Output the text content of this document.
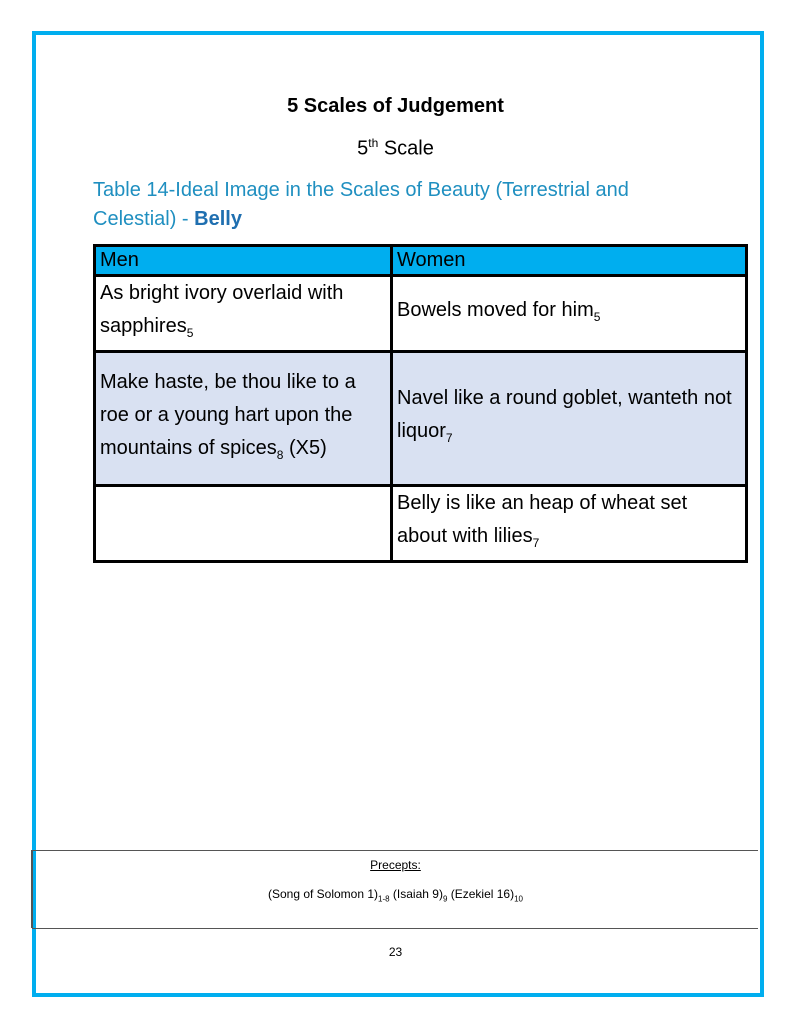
5 Scales of Judgement
5th Scale
Table 14-Ideal Image in the Scales of Beauty (Terrestrial and Celestial) - Belly
Men	Women
As bright ivory overlaid with sapphires$_5$	Bowels moved for him$_5$
Make haste, be thou like to a roe or a young hart upon the mountains of spices$_8$ (X5)	Navel like a round goblet, wanteth not liquor$_7$
	Belly is like an heap of wheat set about with lilies$_7$
Precepts:
(Song of Solomon $1)_{1-8}$ (Isaiah $9)_9$ (Ezekiel $16)_{10}$
23
